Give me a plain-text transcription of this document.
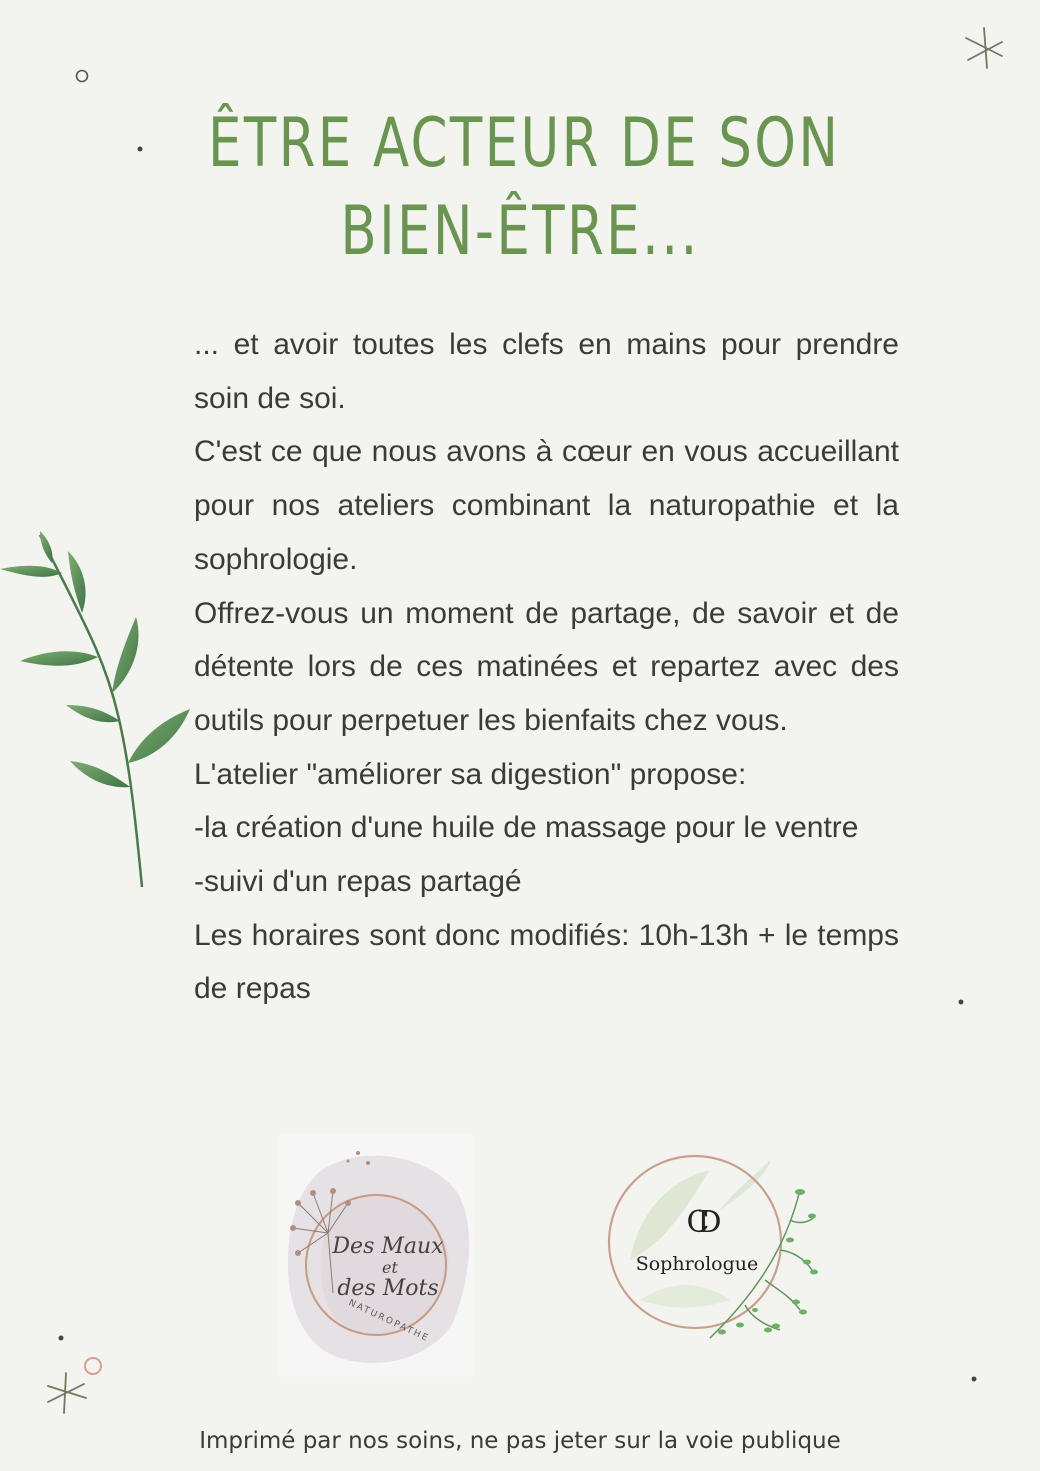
ÊTRE ACTEUR DE SON
BIEN-ÊTRE...

... et avoir toutes les clefs en mains pour prendre soin de soi.

C'est ce que nous avons à cœur en vous accueillant pour nos ateliers combinant la naturopathie et la sophrologie.

Offrez-vous un moment de partage, de savoir et de détente lors de ces matinées et repartez avec des outils pour perpetuer les bienfaits chez vous.

L'atelier "améliorer sa digestion" propose:

-la création d'une huile de massage pour le ventre

-suivi d'un repas partagé

Les horaires sont donc modifiés: 10h-13h + le temps de repas

Des Maux
et
des Mots
NATUROPATHE
CD
Sophrologue
Imprimé par nos soins, ne pas jeter sur la voie publique
